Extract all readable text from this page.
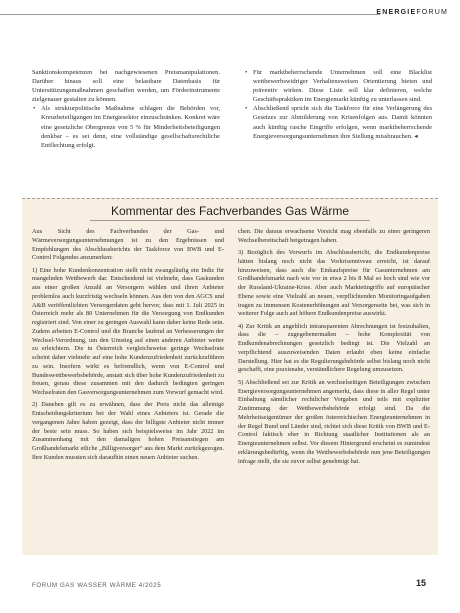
ENERGIEFORUM

Sanktionskompetenzen bei nachgewiesenen Preismanipulationen. Darüber hinaus soll eine belastbare Datenbasis für Unterstützungsmaßnahmen geschaffen werden, um Förderinstrumente zielgenauer gestalten zu können.

• Als strukturpolitische Maßnahme schlagen die Behörden vor, Kreuzbeteiligungen im Energiesektor einzuschränken. Konkret wäre eine gesetzliche Obergrenze von 5 % für Minderheitsbeteiligungen denkbar – es sei denn, eine vollständige gesellschaftsrechtliche Entflechtung erfolgt.

• Für marktbeherrschende Unternehmen soll eine Blacklist wettbewerbswidriger Verhaltensweisen Orientierung bieten und präventiv wirken. Diese Liste soll klar definieren, welche Geschäftspraktiken im Energiemarkt künftig zu unterlassen sind.

• Abschließend spricht sich die Taskforce für eine Verlängerung des Gesetzes zur Abmilderung von Krisenfolgen aus. Damit könnten auch künftig rasche Eingriffe erfolgen, wenn marktbeherrschende Energieversorgungsunternehmen ihre Stellung missbrauchen. ◂

Kommentar des Fachverbandes Gas Wärme

Aus Sicht des Fachverbandes der Gas- und Wärmeversorgungsunternehmungen ist zu den Ergebnissen und Empfehlungen des Abschlussberichts der Taskforce von BWB und E-Control Folgendes anzumerken:

1) Eine hohe Kundenkonzentration stellt nicht zwangsläufig ein Indiz für mangelnden Wettbewerb dar. Entscheidend ist vielmehr, dass Gaskunden aus einer großen Anzahl an Versorgern wählen und ihren Anbieter problemlos auch kurzfristig wechseln können. Aus den von den AGCS und A&B veröffentlichten Versorgerdaten geht hervor, dass mit 1. Juli 2025 in Österreich mehr als 80 Unternehmen für die Versorgung von Endkunden registriert sind. Von einer zu geringen Auswahl kann daher keine Rede sein. Zudem arbeiten E-Control und die Branche laufend an Verbesserungen der Wechsel-Verordnung, um den Umstieg auf einen anderen Anbieter weiter zu erleichtern. Die in Österreich vergleichsweise geringe Wechselrate scheint daher vielmehr auf eine hohe Kundenzufriedenheit zurückzuführen zu sein. Insofern wirkt es befremdlich, wenn von E-Control und Bundeswettbewerbsbehörde, anstatt sich über hohe Kundenzufriedenheit zu freuen, genau diese zusammen mit den dadurch bedingten geringen Wechselraten den Gasversorgungsunternehmen zum Vorwurf gemacht wird.

2) Daneben gilt es zu erwähnen, dass der Preis nicht das alleinige Entscheidungskriterium bei der Wahl eines Anbieters ist. Gerade die vergangenen Jahre haben gezeigt, dass der billigste Anbieter nicht immer der beste sein muss. So haben sich beispielsweise im Jahr 2022 im Zusammenhang mit den damaligen hohen Preisanstiegen am Großhandelsmarkt etliche „Billigversorger“ aus dem Markt zurückgezogen. Ihre Kunden mussten sich daraufhin einen neuen Anbieter suchen.

chen. Die daraus erwachsene Vorsicht mag ebenfalls zu einer geringeren Wechselbereitschaft beigetragen haben.

3) Bezüglich des Vorwurfs im Abschlussbericht, die Endkundenpreise hätten bislang noch nicht das Vorkrisenniveau erreicht, ist darauf hinzuweisen, dass auch die Einkaufspreise für Gasunternehmen am Großhandelsmarkt nach wie vor in etwa 2 bis 8 Mal so hoch sind wie vor der Russland-Ukraine-Krise. Aber auch Marktetingriffe auf europäischer Ebene sowie eine Vielzahl an neuen, verpflichtenden Monitoringaufgaben tragen zu immensen Kostenerhöhungen auf Versorgerseite bei, was sich in weiterer Folge auch auf höhere Endkundenpreise auswirkt.

4) Zur Kritik an angeblich intransparenten Abrechnungen ist festzuhalten, dass die – zugegebenermaßen – hohe Komplexität von Endkundenabrechnungen gesetzlich bedingt ist. Die Vielzahl an verpflichtend auszuweisenden Daten erlaubt eben keine einfache Darstellung. Hier hat es die Regulierungsbehörde selbst bislang noch nicht geschafft, eine praxisnahe, verständlichere Regelung umzusetzen.

5) Abschließend sei zur Kritik an wechselseitigen Beteiligungen zwischen Energieversorgungsunternehmen angemerkt, dass diese in aller Regel unter Einhaltung sämtlicher rechtlicher Vorgaben und teils mit expliziter Zustimmung der Wettbewerbsbehörde erfolgt sind. Da die Mehrheitseigentümer der großen österreichischen Energieunternehmen in der Regel Bund und Länder sind, richtet sich diese Kritik von BWB und E-Control faktisch eher in Richtung staatlicher Institutionen als an Energieunternehmen selbst. Vor diesem Hintergrund erscheint es zumindest erklärungsbedürftig, wenn die Wettbewerbsbehörde nun jene Beteiligungen infrage stellt, die sie zuvor selbst genehmigt hat.

FORUM GAS WASSER WÄRME 4/2025	15
